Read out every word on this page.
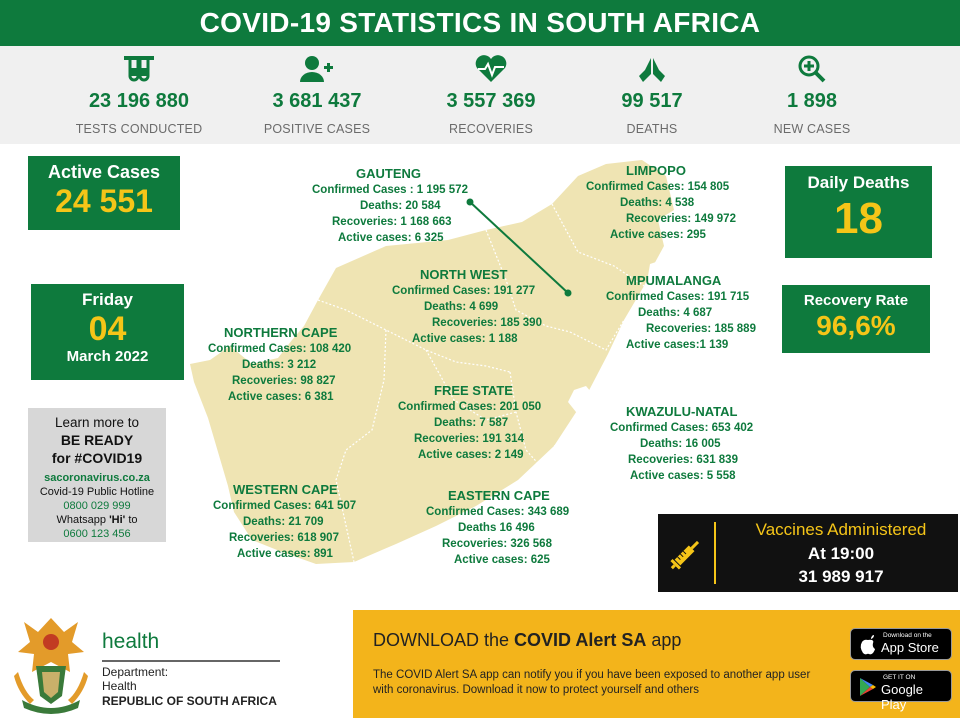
COVID-19 STATISTICS IN SOUTH AFRICA
23 196 880
TESTS CONDUCTED
3 681 437
POSITIVE CASES
3 557 369
RECOVERIES
99 517
DEATHS
1 898
NEW CASES
GAUTENG
Confirmed Cases : 1 195 572
Deaths: 20 584
Recoveries: 1 168 663
Active cases: 6 325
LIMPOPO
Confirmed Cases: 154 805
Deaths: 4 538
Recoveries: 149 972
Active cases: 295
NORTH WEST
Confirmed Cases: 191 277
Deaths: 4 699
Recoveries: 185 390
Active cases: 1 188
MPUMALANGA
Confirmed Cases: 191 715
Deaths: 4 687
Recoveries: 185 889
Active cases:1 139
NORTHERN CAPE
Confirmed Cases: 108 420
Deaths: 3 212
Recoveries: 98 827
Active cases: 6 381	FREE STATE
Confirmed Cases: 201 050
Deaths: 7 587
Recoveries: 191 314
Active cases: 2 149
KWAZULU-NATAL
Confirmed Cases: 653 402
Deaths: 16 005
Recoveries: 631 839
Active cases: 5 558
WESTERN CAPE
Confirmed Cases: 641 507
Deaths: 21 709
Recoveries: 618 907
Active cases: 891
EASTERN CAPE
Confirmed Cases: 343 689
Deaths 16 496
Recoveries: 326 568
Active cases: 625
Active Cases
24 551
Friday
04
March 2022
Daily Deaths
18
Recovery Rate
96,6%
Learn more to
BE READY
for #COVID19
sacoronavirus.co.za
Covid-19 Public Hotline
0800 029 999
Whatsapp 'Hi' to
0600 123 456	Vaccines Administered
At 19:00
31 989 917
health
Department:
Health
REPUBLIC OF SOUTH AFRICA
DOWNLOAD the COVID Alert SA app
The COVID Alert SA app can notify you if you have been exposed to another app user with coronavirus. Download it now to protect yourself and others
Download on the
App Store
GET IT ON
Google Play
